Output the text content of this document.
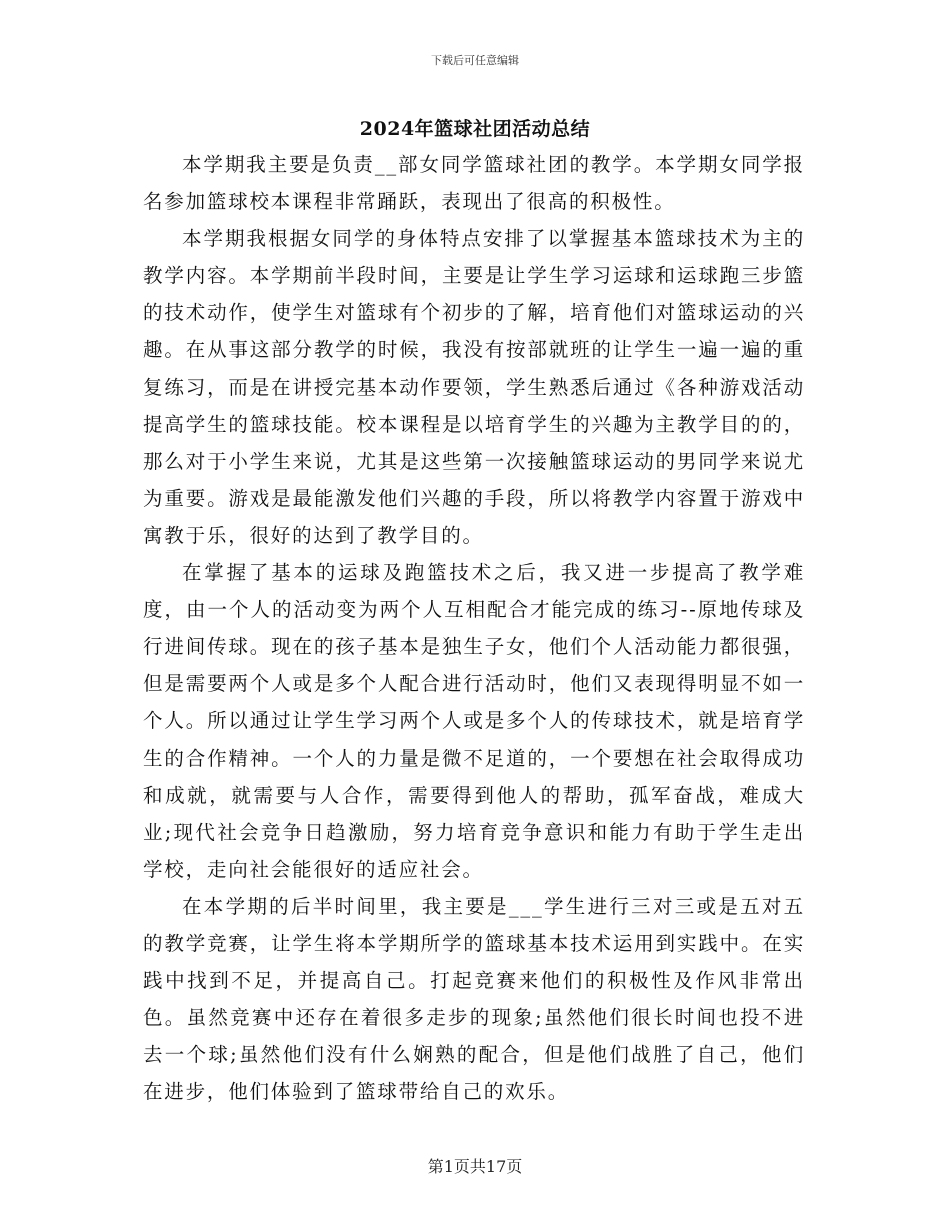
下载后可任意编辑
2024年篮球社团活动总结

本学期我主要是负责__部女同学篮球社团的教学。本学期女同学报名参加篮球校本课程非常踊跃，表现出了很高的积极性。

本学期我根据女同学的身体特点安排了以掌握基本篮球技术为主的教学内容。本学期前半段时间，主要是让学生学习运球和运球跑三步篮的技术动作，使学生对篮球有个初步的了解，培育他们对篮球运动的兴趣。在从事这部分教学的时候，我没有按部就班的让学生一遍一遍的重复练习，而是在讲授完基本动作要领，学生熟悉后通过《各种游戏活动提高学生的篮球技能。校本课程是以培育学生的兴趣为主教学目的的，那么对于小学生来说，尤其是这些第一次接触篮球运动的男同学来说尤为重要。游戏是最能激发他们兴趣的手段，所以将教学内容置于游戏中寓教于乐，很好的达到了教学目的。

在掌握了基本的运球及跑篮技术之后，我又进一步提高了教学难度，由一个人的活动变为两个人互相配合才能完成的练习--原地传球及行进间传球。现在的孩子基本是独生子女，他们个人活动能力都很强，但是需要两个人或是多个人配合进行活动时，他们又表现得明显不如一个人。所以通过让学生学习两个人或是多个人的传球技术，就是培育学生的合作精神。一个人的力量是微不足道的，一个要想在社会取得成功和成就，就需要与人合作，需要得到他人的帮助，孤军奋战，难成大业;现代社会竞争日趋激励，努力培育竞争意识和能力有助于学生走出学校，走向社会能很好的适应社会。

在本学期的后半时间里，我主要是___学生进行三对三或是五对五的教学竞赛，让学生将本学期所学的篮球基本技术运用到实践中。在实践中找到不足，并提高自己。打起竞赛来他们的积极性及作风非常出色。虽然竞赛中还存在着很多走步的现象;虽然他们很长时间也投不进去一个球;虽然他们没有什么娴熟的配合，但是他们战胜了自己，他们在进步，他们体验到了篮球带给自己的欢乐。

第1页共17页
